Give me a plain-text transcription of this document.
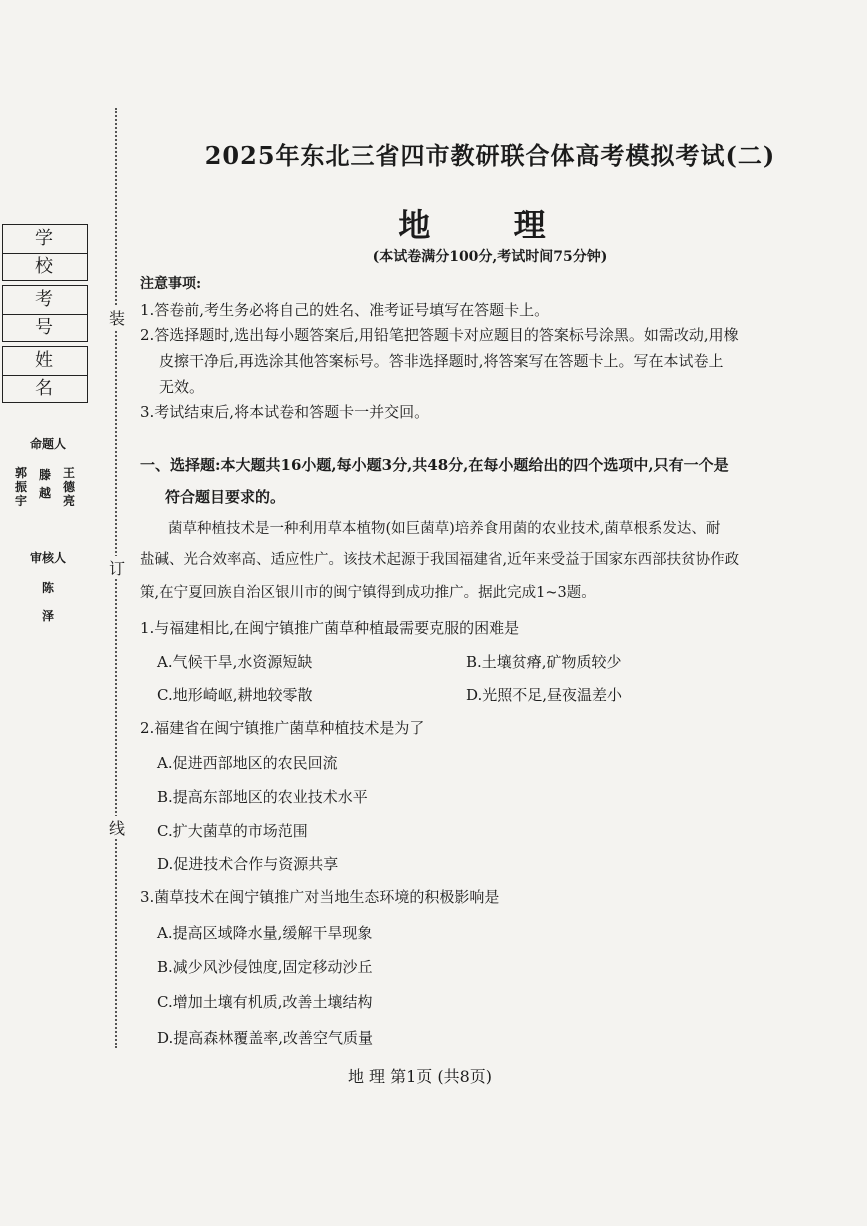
学 校
考 号
姓 名
命题人
郭振宇
滕越
王德亮
审核人
陈
泽
装
订
线
2025年东北三省四市教研联合体高考模拟考试(二)
地 理
(本试卷满分100分,考试时间75分钟)
注意事项:
1.答卷前,考生务必将自己的姓名、准考证号填写在答题卡上。
2.答选择题时,选出每小题答案后,用铅笔把答题卡对应题目的答案标号涂黑。如需改动,用橡
皮擦干净后,再选涂其他答案标号。答非选择题时,将答案写在答题卡上。写在本试卷上
无效。
3.考试结束后,将本试卷和答题卡一并交回。
一、选择题:本大题共16小题,每小题3分,共48分,在每小题给出的四个选项中,只有一个是
符合题目要求的。
菌草种植技术是一种利用草本植物(如巨菌草)培养食用菌的农业技术,菌草根系发达、耐
盐碱、光合效率高、适应性广。该技术起源于我国福建省,近年来受益于国家东西部扶贫协作政
策,在宁夏回族自治区银川市的闽宁镇得到成功推广。据此完成1~3题。
1.与福建相比,在闽宁镇推广菌草种植最需要克服的困难是
A.气候干旱,水资源短缺	B.土壤贫瘠,矿物质较少
C.地形崎岖,耕地较零散	D.光照不足,昼夜温差小
2.福建省在闽宁镇推广菌草种植技术是为了
A.促进西部地区的农民回流
B.提高东部地区的农业技术水平
C.扩大菌草的市场范围
D.促进技术合作与资源共享
3.菌草技术在闽宁镇推广对当地生态环境的积极影响是
A.提高区域降水量,缓解干旱现象
B.减少风沙侵蚀度,固定移动沙丘
C.增加土壤有机质,改善土壤结构
D.提高森林覆盖率,改善空气质量
地 理 第1页 (共8页)
